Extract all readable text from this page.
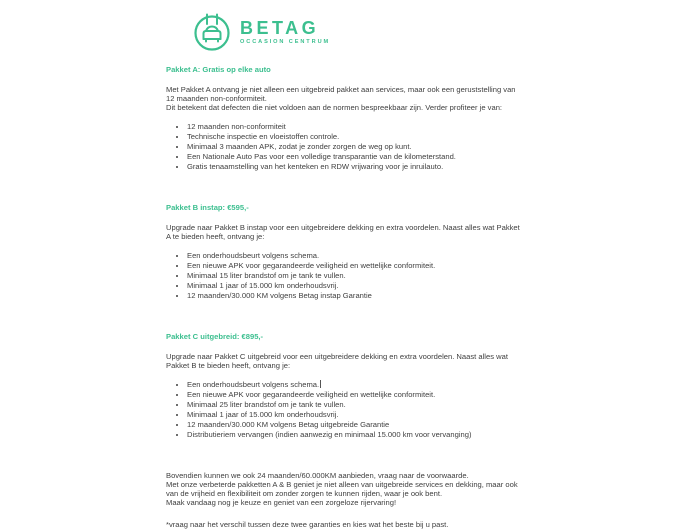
BETAG
OCCASION CENTRUM
Pakket A: Gratis op elke auto

Met Pakket A ontvang je niet alleen een uitgebreid pakket aan services, maar ook een geruststelling van 12 maanden non-conformiteit.

Dit betekent dat defecten die niet voldoen aan de normen bespreekbaar zijn. Verder profiteer je van:

• 12 maanden non-conformiteit
• Technische inspectie en vloeistoffen controle.
• Minimaal 3 maanden APK, zodat je zonder zorgen de weg op kunt.
• Een Nationale Auto Pas voor een volledige transparantie van de kilometerstand.
• Gratis tenaamstelling van het kenteken en RDW vrijwaring voor je inruilauto.
Pakket B instap: €595,-

Upgrade naar Pakket B instap voor een uitgebreidere dekking en extra voordelen. Naast alles wat Pakket A te bieden heeft, ontvang je:

• Een onderhoudsbeurt volgens schema.
• Een nieuwe APK voor gegarandeerde veiligheid en wettelijke conformiteit.
• Minimaal 15 liter brandstof om je tank te vullen.
• Minimaal 1 jaar of 15.000 km onderhoudsvrij.
• 12 maanden/30.000 KM volgens Betag instap Garantie
Pakket C uitgebreid: €895,-

Upgrade naar Pakket C uitgebreid voor een uitgebreidere dekking en extra voordelen. Naast alles wat Pakket B te bieden heeft, ontvang je:

• Een onderhoudsbeurt volgens schema.
• Een nieuwe APK voor gegarandeerde veiligheid en wettelijke conformiteit.
• Minimaal 25 liter brandstof om je tank te vullen.
• Minimaal 1 jaar of 15.000 km onderhoudsvrij.
• 12 maanden/30.000 KM volgens Betag uitgebreide Garantie
• Distributieriem vervangen (indien aanwezig en minimaal 15.000 km voor vervanging)

Bovendien kunnen we ook 24 maanden/60.000KM aanbieden, vraag naar de voorwaarde.

Met onze verbeterde pakketten A & B geniet je niet alleen van uitgebreide services en dekking, maar ook van de vrijheid en flexibiliteit om zonder zorgen te kunnen rijden, waar je ook bent.

Maak vandaag nog je keuze en geniet van een zorgeloze rijervaring!

*vraag naar het verschil tussen deze twee garanties en kies wat het beste bij u past.
